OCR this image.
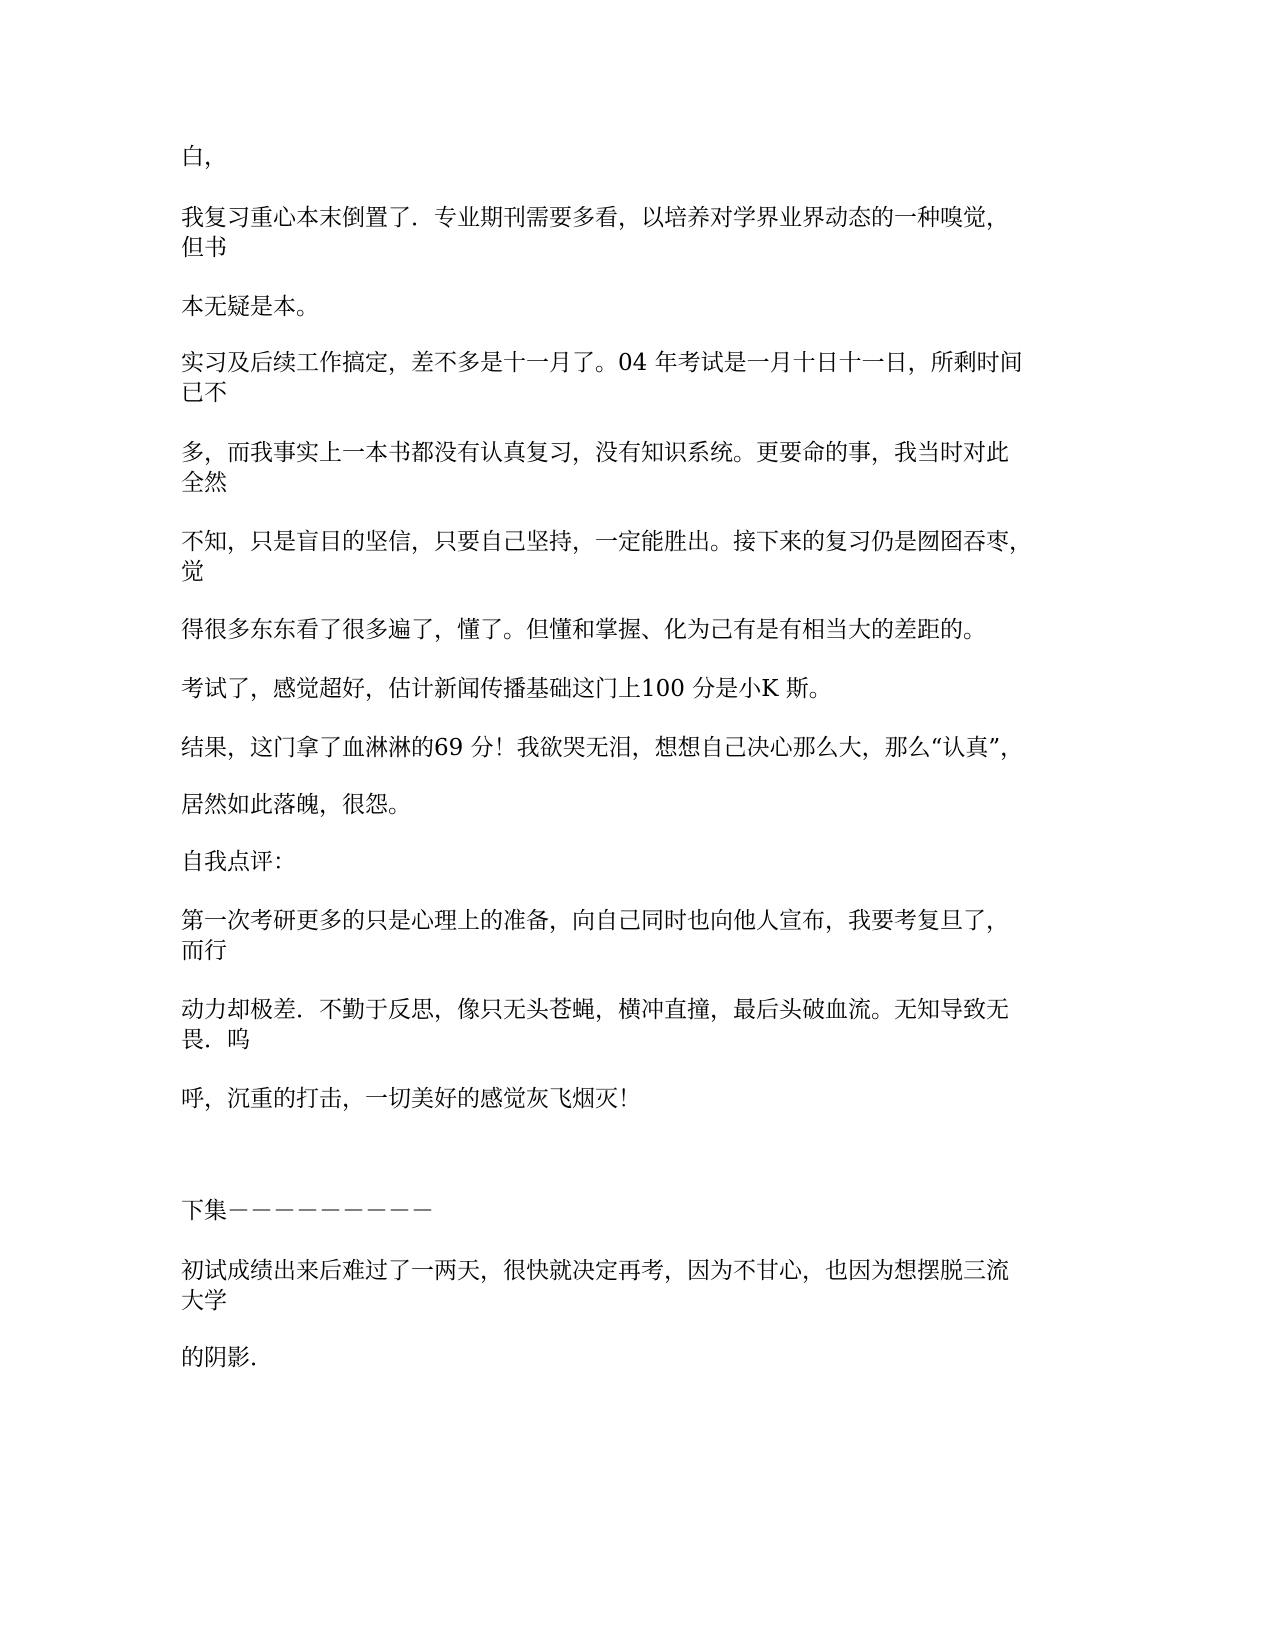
白，

我复习重心本末倒置了．专业期刊需要多看，以培养对学界业界动态的一种嗅觉，
但书

本无疑是本。

实习及后续工作搞定，差不多是十一月了。04 年考试是一月十日十一日，所剩时间
已不

多，而我事实上一本书都没有认真复习，没有知识系统。更要命的事，我当时对此
全然

不知，只是盲目的坚信，只要自己坚持，一定能胜出。接下来的复习仍是囫囵吞枣，
觉

得很多东东看了很多遍了，懂了。但懂和掌握、化为己有是有相当大的差距的。

考试了，感觉超好，估计新闻传播基础这门上100 分是小K 斯。

结果，这门拿了血淋淋的69 分！我欲哭无泪，想想自己决心那么大，那么“认真”，

居然如此落魄，很怨。

自我点评：

第一次考研更多的只是心理上的准备，向自己同时也向他人宣布，我要考复旦了，
而行

动力却极差．不勤于反思，像只无头苍蝇，横冲直撞，最后头破血流。无知导致无
畏．呜

呼，沉重的打击，一切美好的感觉灰飞烟灭！

下集－－－－－－－－－

初试成绩出来后难过了一两天，很快就决定再考，因为不甘心，也因为想摆脱三流
大学

的阴影．
